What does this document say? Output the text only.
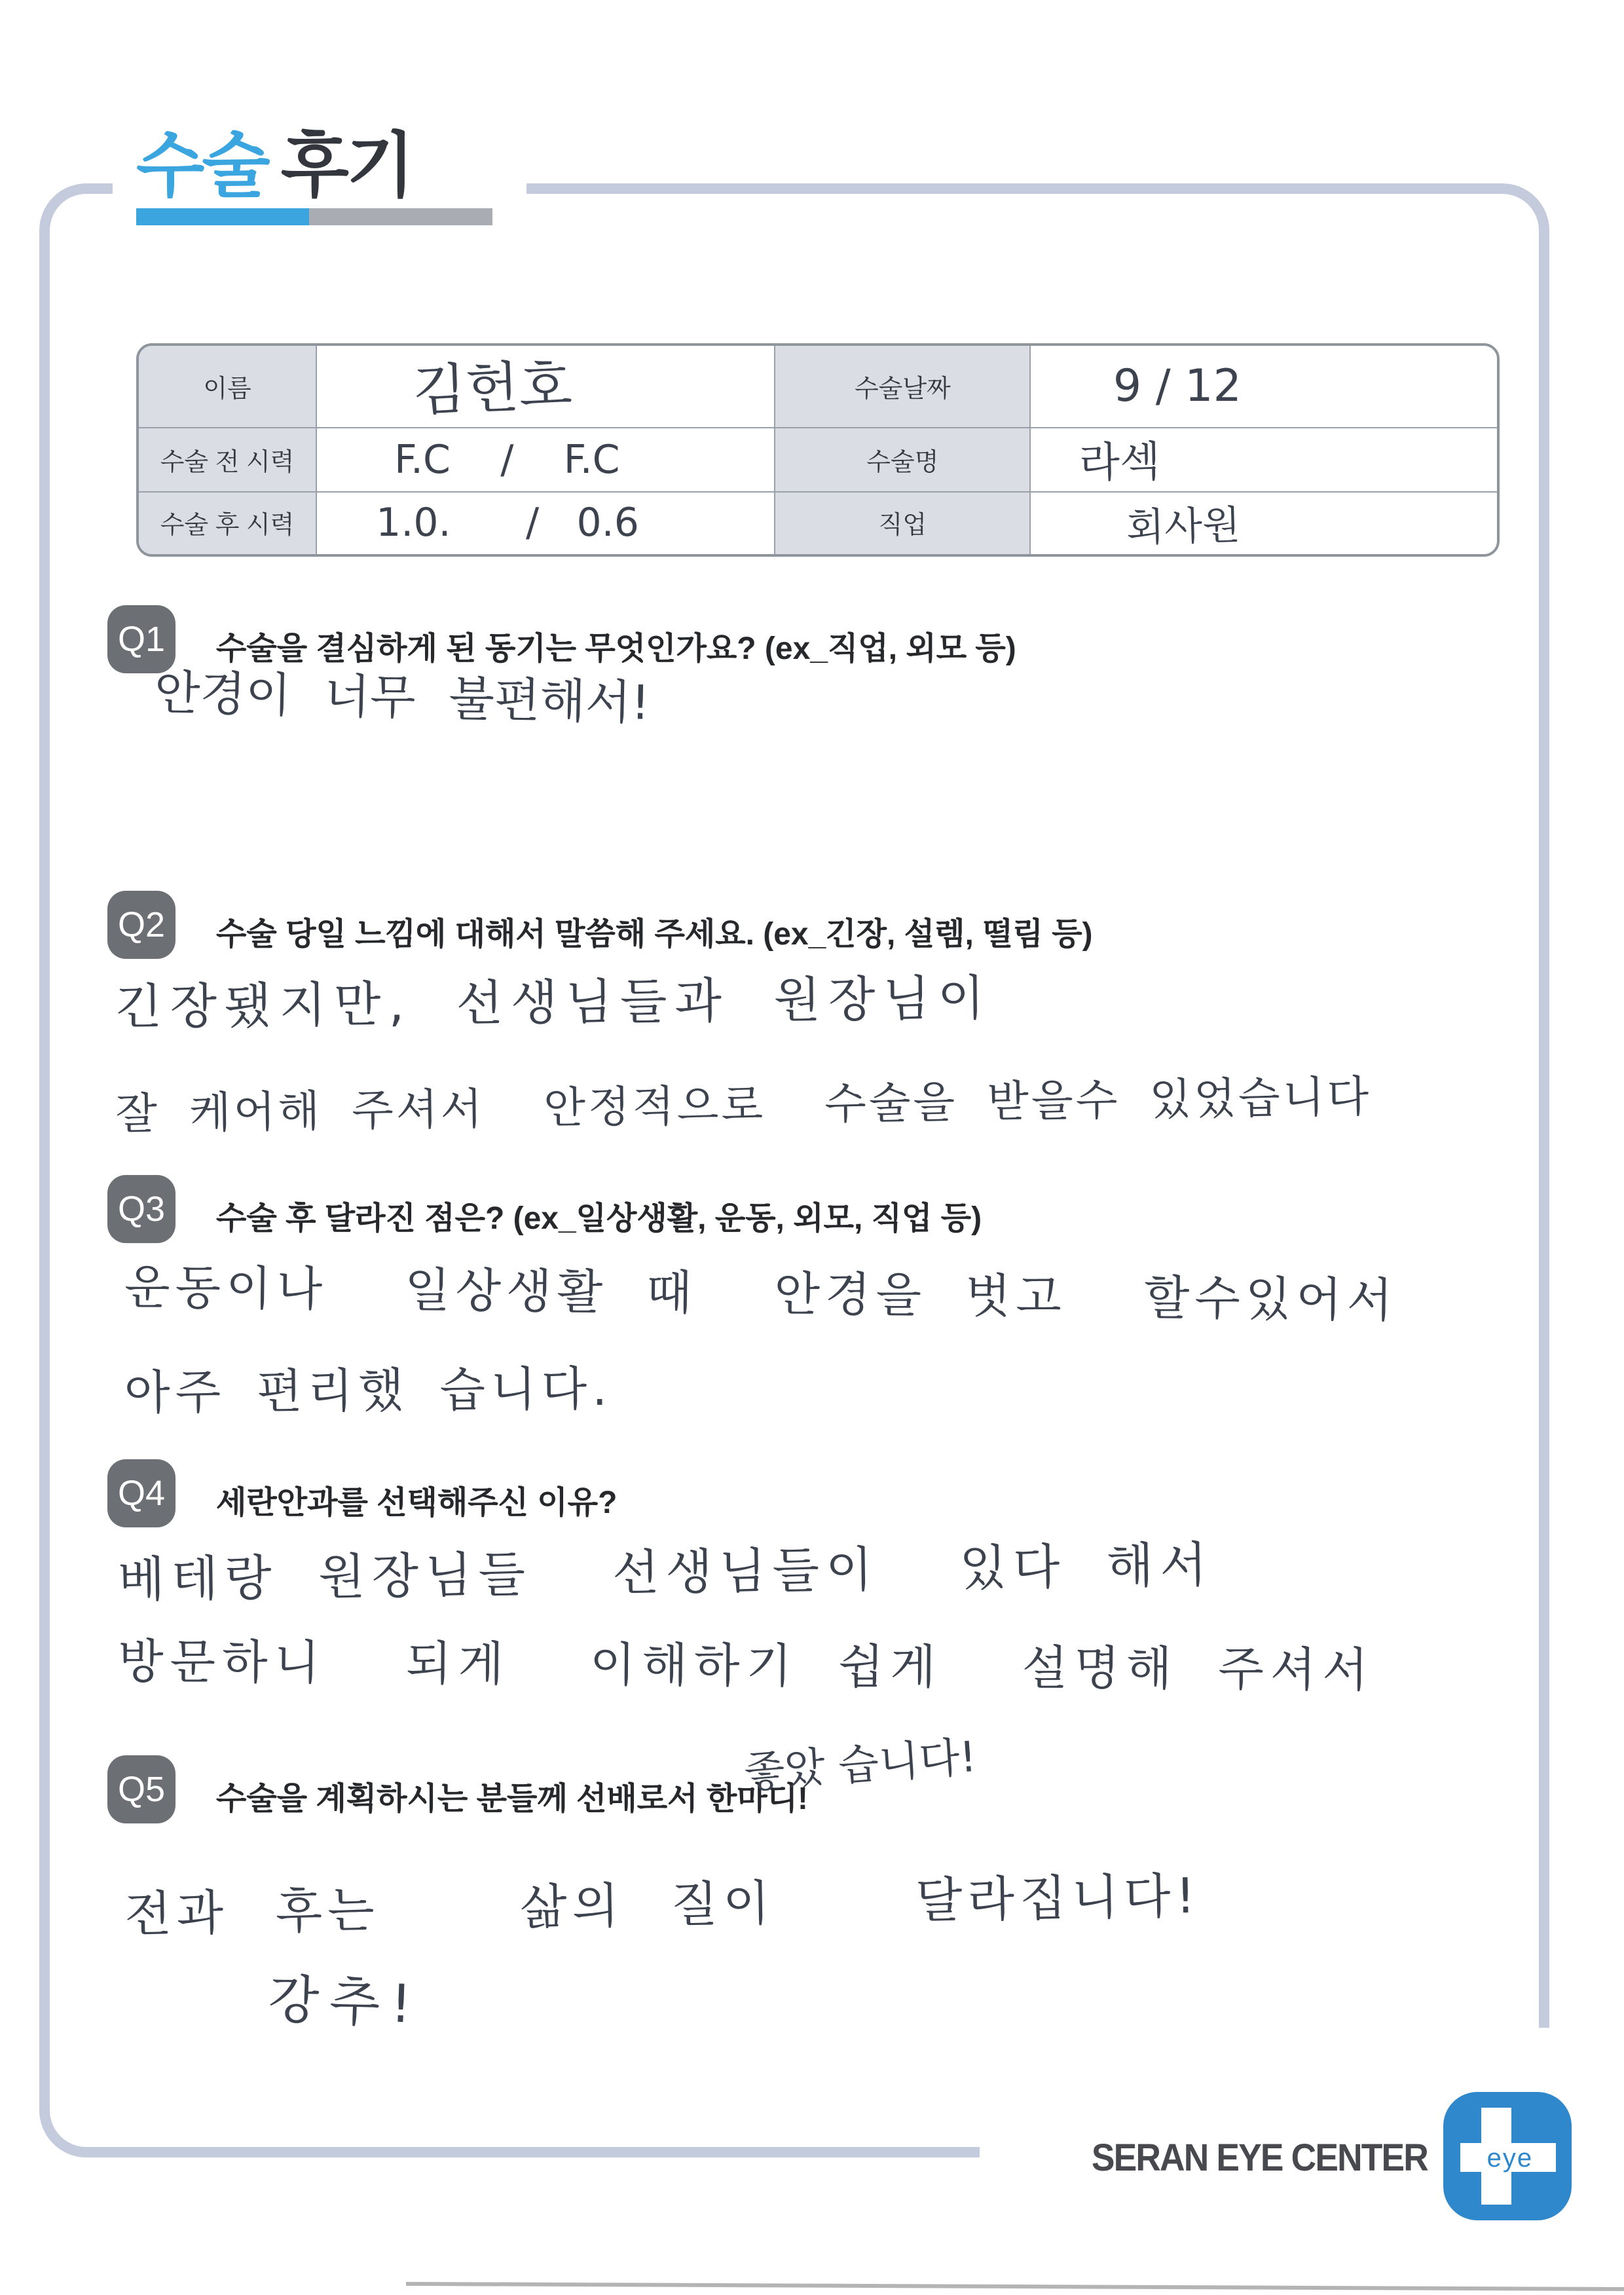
수술 후기
이름	김헌호	수술날짜	9 / 12
수술 전 시력	F.C    /    F.C	수술명	라섹
수술 후 시력	1.0.      /   0.6	직업	회사원
Q1	수술을 결심하게 된 동기는 무엇인가요? (ex_직업, 외모 등)
안경이 너무 불편해서!
Q2	수술 당일 느낌에 대해서 말씀해 주세요. (ex_긴장, 설렘, 떨림 등)
긴장됐지만, 선생님들과 원장님이
잘 케어해 주셔서  안정적으로  수술을 받을수 있었습니다
Q3	수술 후 달라진 점은? (ex_일상생활, 운동, 외모, 직업 등)
운동이나  일상생활 때  안경을 벗고  할수있어서
아주 편리했 습니다.
Q4	세란안과를 선택해주신 이유?
베테랑 원장님들  선생님들이  있다 해서
방문하니  되게  이해하기 쉽게  설명해 주셔서
Q5	수술을 계획하시는 분들께 선배로서 한마디!
좋았 습니다!
전과 후는   삶의 질이   달라집니다!
강추!
SERAN EYE CENTER	eye
